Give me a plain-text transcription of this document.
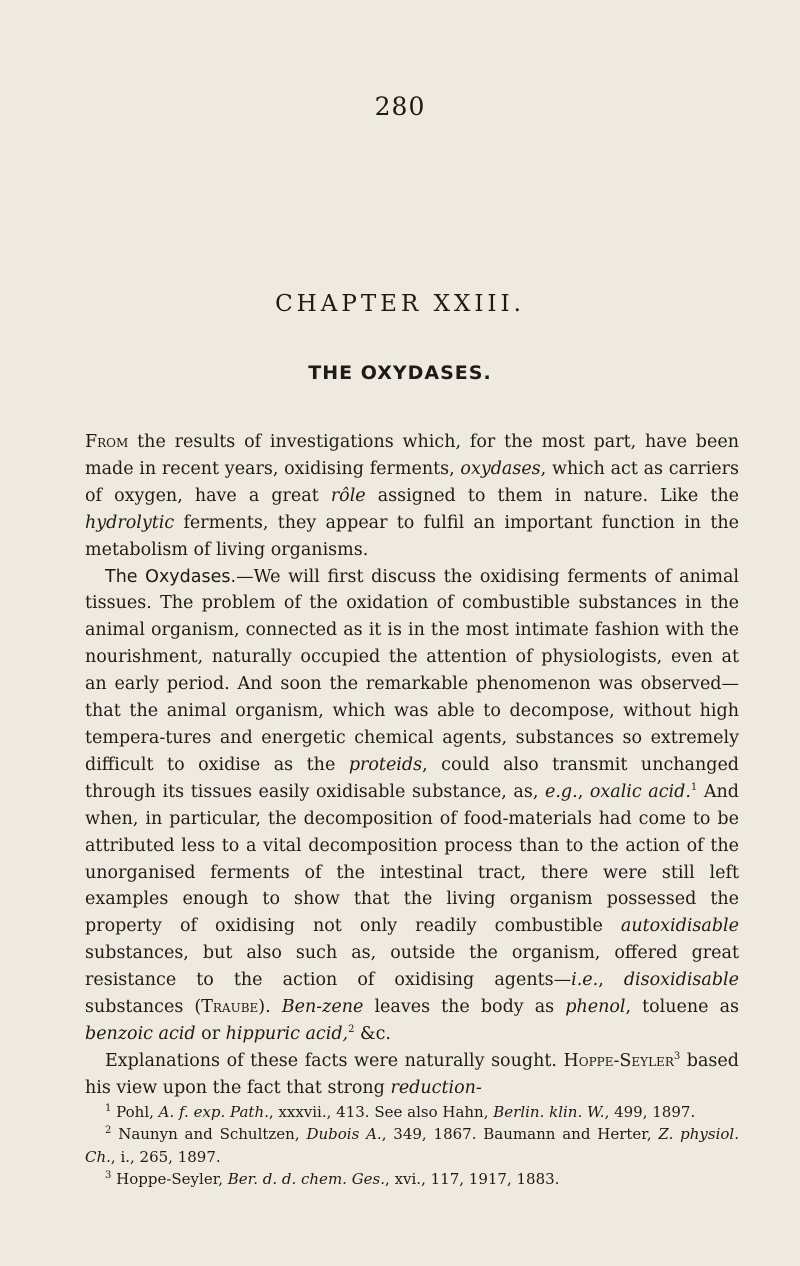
280
CHAPTER XXIII.
THE OXYDASES.

From the results of investigations which, for the most part, have been made in recent years, oxidising ferments, oxydases, which act as carriers of oxygen, have a great rôle assigned to them in nature. Like the hydrolytic ferments, they appear to fulfil an important function in the metabolism of living organisms.

The Oxydases.—We will first discuss the oxidising ferments of animal tissues. The problem of the oxidation of combustible substances in the animal organism, connected as it is in the most intimate fashion with the nourishment, naturally occupied the attention of physiologists, even at an early period. And soon the remarkable phenomenon was observed—that the animal organism, which was able to decompose, without high tempera-tures and energetic chemical agents, substances so extremely difficult to oxidise as the proteids, could also transmit unchanged through its tissues easily oxidisable substance, as, e.g., oxalic acid.$^1$ And when, in particular, the decomposition of food-materials had come to be attributed less to a vital decomposition process than to the action of the unorganised ferments of the intestinal tract, there were still left examples enough to show that the living organism possessed the property of oxidising not only readily combustible autoxidisable substances, but also such as, outside the organism, offered great resistance to the action of oxidising agents—i.e., disoxidisable substances (Traube). Ben-zene leaves the body as phenol, toluene as benzoic acid or hippuric acid,$^2$ &c.

Explanations of these facts were naturally sought. Hoppe-Seyler$^3$ based his view upon the fact that strong reduction-

$^1$ Pohl, A. f. exp. Path., xxxvii., 413. See also Hahn, Berlin. klin. W., 499, 1897.

$^2$ Naunyn and Schultzen, Dubois A., 349, 1867. Baumann and Herter, Z. physiol. Ch., i., 265, 1897.

$^3$ Hoppe-Seyler, Ber. d. d. chem. Ges., xvi., 117, 1917, 1883.
